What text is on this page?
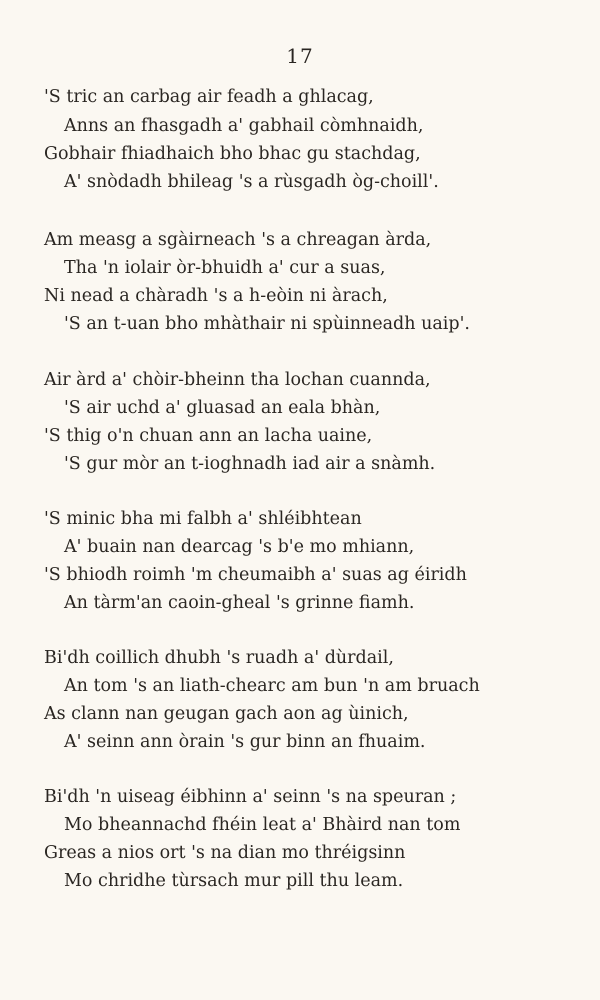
17
'S tric an carbag air feadh a ghlacag,
Anns an fhasgadh a' gabhail còmhnaidh,
Gobhair fhiadhaich bho bhac gu stachdag,
A' snòdadh bhileag 's a rùsgadh òg-choill'.
Am measg a sgàirneach 's a chreagan àrda,
Tha 'n iolair òr-bhuidh a' cur a suas,
Ni nead a chàradh 's a h-eòin ni àrach,
'S an t-uan bho mhàthair ni spùinneadh uaip'.
Air àrd a' chòir-bheinn tha lochan cuannda,
'S air uchd a' gluasad an eala bhàn,
'S thig o'n chuan ann an lacha uaine,
'S gur mòr an t-ioghnadh iad air a snàmh.
'S minic bha mi falbh a' shléibhtean
A' buain nan dearcag 's b'e mo mhiann,
'S bhiodh roimh 'm cheumaibh a' suas ag éiridh
An tàrm'an caoin-gheal 's grinne fiamh.
Bi'dh coillich dhubh 's ruadh a' dùrdail,
An tom 's an liath-chearc am bun 'n am bruach
As clann nan geugan gach aon ag ùinich,
A' seinn ann òrain 's gur binn an fhuaim.
Bi'dh 'n uiseag éibhinn a' seinn 's na speuran ;
Mo bheannachd fhéin leat a' Bhàird nan tom
Greas a nios ort 's na dian mo thréigsinn
Mo chridhe tùrsach mur pill thu leam.
